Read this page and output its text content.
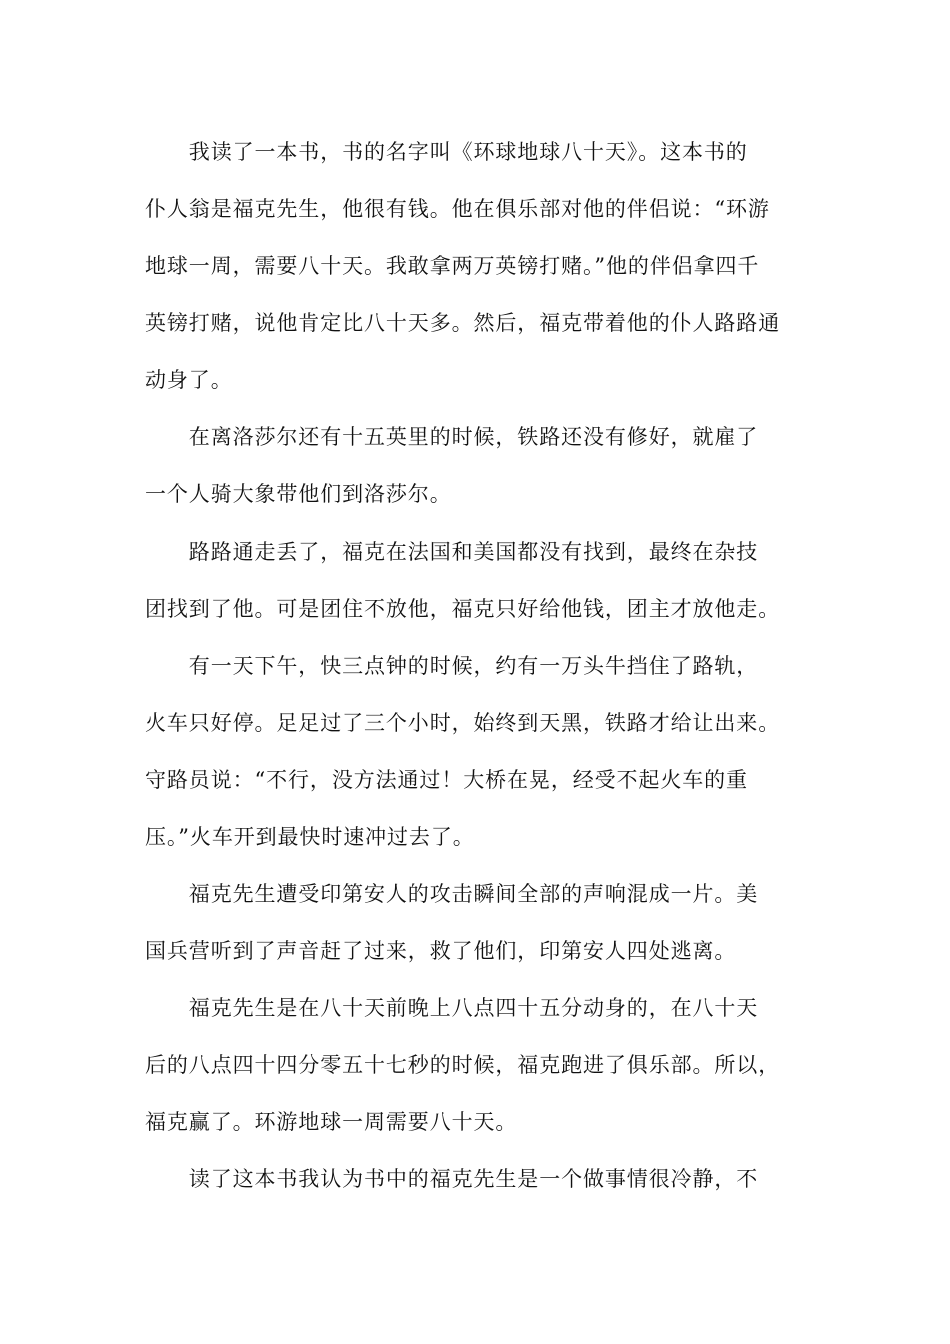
　　我读了一本书，书的名字叫《环球地球八十天》。这本书的
仆人翁是福克先生，他很有钱。他在俱乐部对他的伴侣说：“环游
地球一周，需要八十天。我敢拿两万英镑打赌。”他的伴侣拿四千
英镑打赌，说他肯定比八十天多。然后，福克带着他的仆人路路通
动身了。
　　在离洛莎尔还有十五英里的时候，铁路还没有修好，就雇了
一个人骑大象带他们到洛莎尔。
　　路路通走丢了，福克在法国和美国都没有找到，最终在杂技
团找到了他。可是团住不放他，福克只好给他钱，团主才放他走。
　　有一天下午，快三点钟的时候，约有一万头牛挡住了路轨，
火车只好停。足足过了三个小时，始终到天黑，铁路才给让出来。
守路员说：“不行，没方法通过！大桥在晃，经受不起火车的重
压。”火车开到最快时速冲过去了。
　　福克先生遭受印第安人的攻击瞬间全部的声响混成一片。美
国兵营听到了声音赶了过来，救了他们，印第安人四处逃离。
　　福克先生是在八十天前晚上八点四十五分动身的，在八十天
后的八点四十四分零五十七秒的时候，福克跑进了俱乐部。所以，
福克赢了。环游地球一周需要八十天。
　　读了这本书我认为书中的福克先生是一个做事情很冷静，不
